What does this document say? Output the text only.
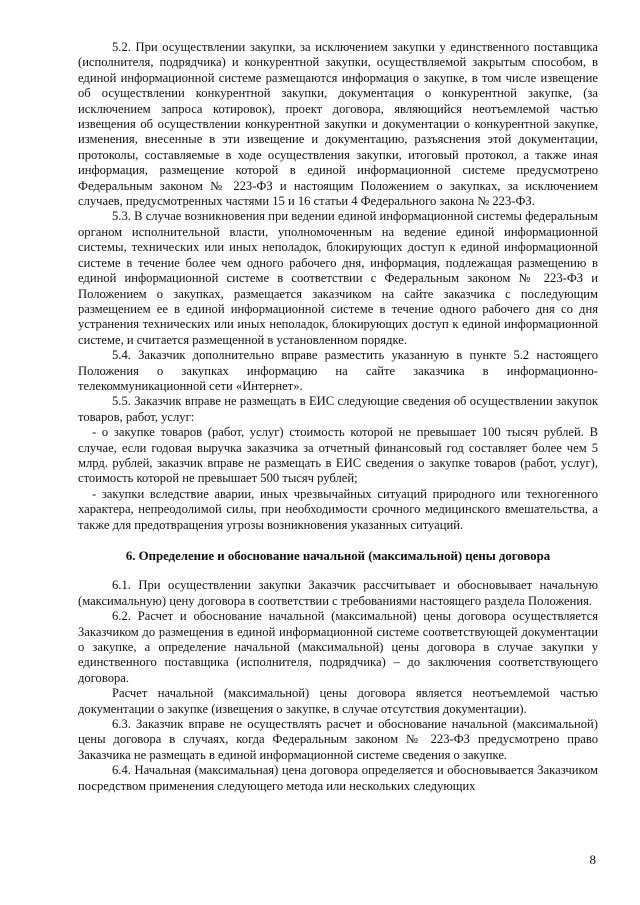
5.2. При осуществлении закупки, за исключением закупки у единственного поставщика (исполнителя, подрядчика) и конкурентной закупки, осуществляемой закрытым способом, в единой информационной системе размещаются информация о закупке, в том числе извещение об осуществлении конкурентной закупки, документация о конкурентной закупке, (за исключением запроса котировок), проект договора, являющийся неотъемлемой частью извещения об осуществлении конкурентной закупки и документации о конкурентной закупке, изменения, внесенные в эти извещение и документацию, разъяснения этой документации, протоколы, составляемые в ходе осуществления закупки, итоговый протокол, а также иная информация, размещение которой в единой информационной системе предусмотрено Федеральным законом № 223-ФЗ и настоящим Положением о закупках, за исключением случаев, предусмотренных частями 15 и 16 статьи 4 Федерального закона № 223-ФЗ.

5.3. В случае возникновения при ведении единой информационной системы федеральным органом исполнительной власти, уполномоченным на ведение единой информационной системы, технических или иных неполадок, блокирующих доступ к единой информационной системе в течение более чем одного рабочего дня, информация, подлежащая размещению в единой информационной системе в соответствии с Федеральным законом № 223-ФЗ и Положением о закупках, размещается заказчиком на сайте заказчика с последующим размещением ее в единой информационной системе в течение одного рабочего дня со дня устранения технических или иных неполадок, блокирующих доступ к единой информационной системе, и считается размещенной в установленном порядке.

5.4. Заказчик дополнительно вправе разместить указанную в пункте 5.2 настоящего Положения о закупках информацию на сайте заказчика в информационно-телекоммуникационной сети «Интернет».

5.5. Заказчик вправе не размещать в ЕИС следующие сведения об осуществлении закупок товаров, работ, услуг:

- о закупке товаров (работ, услуг) стоимость которой не превышает 100 тысяч рублей. В случае, если годовая выручка заказчика за отчетный финансовый год составляет более чем 5 млрд. рублей, заказчик вправе не размещать в ЕИС сведения о закупке товаров (работ, услуг), стоимость которой не превышает 500 тысяч рублей;

- закупки вследствие аварии, иных чрезвычайных ситуаций природного или техногенного характера, непреодолимой силы, при необходимости срочного медицинского вмешательства, а также для предотвращения угрозы возникновения указанных ситуаций.

6. Определение и обоснование начальной (максимальной) цены договора

6.1. При осуществлении закупки Заказчик рассчитывает и обосновывает начальную (максимальную) цену договора в соответствии с требованиями настоящего раздела Положения.

6.2. Расчет и обоснование начальной (максимальной) цены договора осуществляется Заказчиком до размещения в единой информационной системе соответствующей документации о закупке, а определение начальной (максимальной) цены договора в случае закупки у единственного поставщика (исполнителя, подрядчика) – до заключения соответствующего договора.

Расчет начальной (максимальной) цены договора является неотъемлемой частью документации о закупке (извещения о закупке, в случае отсутствия документации).

6.3. Заказчик вправе не осуществлять расчет и обоснование начальной (максимальной) цены договора в случаях, когда Федеральным законом № 223-ФЗ предусмотрено право Заказчика не размещать в единой информационной системе сведения о закупке.

6.4. Начальная (максимальная) цена договора определяется и обосновывается Заказчиком посредством применения следующего метода или нескольких следующих

8
